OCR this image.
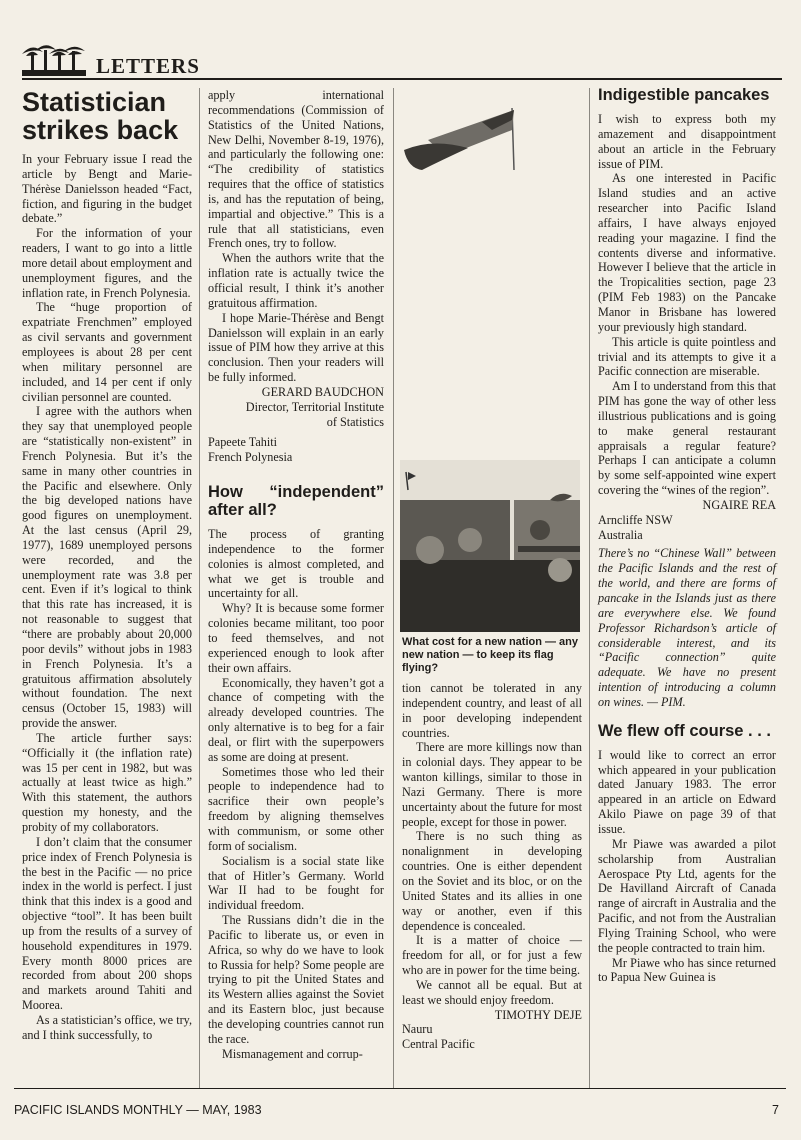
LETTERS
Statistician strikes back

In your February issue I read the article by Bengt and Marie-Thérèse Danielsson headed “Fact, fiction, and figuring in the budget debate.”

For the information of your readers, I want to go into a little more detail about employment and unemployment figures, and the inflation rate, in French Polynesia.

The “huge proportion of expatriate Frenchmen” employed as civil servants and government employees is about 28 per cent when military personnel are included, and 14 per cent if only civilian personnel are counted.

I agree with the authors when they say that unemployed people are “statistically non-existent” in French Polynesia. But it’s the same in many other countries in the Pacific and elsewhere. Only the big developed nations have good figures on unemployment. At the last census (April 29, 1977), 1689 unemployed persons were recorded, and the unemployment rate was 3.8 per cent. Even if it’s logical to think that this rate has increased, it is not reasonable to suggest that “there are probably about 20,000 poor devils” without jobs in 1983 in French Polynesia. It’s a gratuitous affirmation absolutely without foundation. The next census (October 15, 1983) will provide the answer.

The article further says: “Officially it (the inflation rate) was 15 per cent in 1982, but was actually at least twice as high.” With this statement, the authors question my honesty, and the probity of my collaborators.

I don’t claim that the consumer price index of French Polynesia is the best in the Pacific — no price index in the world is perfect. I just think that this index is a good and objective “tool”. It has been built up from the results of a survey of household expenditures in 1979. Every month 8000 prices are recorded from about 200 shops and markets around Tahiti and Moorea.

As a statistician’s office, we try, and I think successfully, to

apply international recommendations (Commission of Statistics of the United Nations, New Delhi, November 8-19, 1976), and particularly the following one: “The credibility of statistics requires that the office of statistics is, and has the reputation of being, impartial and objective.” This is a rule that all statisticians, even French ones, try to follow.

When the authors write that the inflation rate is actually twice the official result, I think it’s another gratuitous affirmation.

I hope Marie-Thérèse and Bengt Danielsson will explain in an early issue of PIM how they arrive at this conclusion. Then your readers will be fully informed.

GERARD BAUDCHON
Director, Territorial Institute
of Statistics
Papeete Tahiti
French Polynesia
How “independent” after all?

The process of granting independence to the former colonies is almost completed, and what we get is trouble and uncertainty for all.

Why? It is because some former colonies became militant, too poor to feed themselves, and not experienced enough to look after their own affairs.

Economically, they haven’t got a chance of competing with the already developed countries. The only alternative is to beg for a fair deal, or flirt with the superpowers as some are doing at present.

Sometimes those who led their people to independence had to sacrifice their own people’s freedom by aligning themselves with communism, or some other form of socialism.

Socialism is a social state like that of Hitler’s Germany. World War II had to be fought for individual freedom.

The Russians didn’t die in the Pacific to liberate us, or even in Africa, so why do we have to look to Russia for help? Some people are trying to pit the United States and its Western allies against the Soviet and its Eastern bloc, just because the developing countries cannot run the race.

Mismanagement and corrup-

What cost for a new nation — any new nation — to keep its flag flying?

tion cannot be tolerated in any independent country, and least of all in poor developing independent countries.

There are more killings now than in colonial days. They appear to be wanton killings, similar to those in Nazi Germany. There is more uncertainty about the future for most people, except for those in power.

There is no such thing as nonalignment in developing countries. One is either dependent on the Soviet and its bloc, or on the United States and its allies in one way or another, even if this dependence is concealed.

It is a matter of choice — freedom for all, or for just a few who are in power for the time being.

We cannot all be equal. But at least we should enjoy freedom.

TIMOTHY DEJE
Nauru
Central Pacific
Indigestible pancakes

I wish to express both my amazement and disappointment about an article in the February issue of PIM.

As one interested in Pacific Island studies and an active researcher into Pacific Island affairs, I have always enjoyed reading your magazine. I find the contents diverse and informative. However I believe that the article in the Tropicalities section, page 23 (PIM Feb 1983) on the Pancake Manor in Brisbane has lowered your previously high standard.

This article is quite pointless and trivial and its attempts to give it a Pacific connection are miserable.

Am I to understand from this that PIM has gone the way of other less illustrious publications and is going to make general restaurant appraisals a regular feature? Perhaps I can anticipate a column by some self-appointed wine expert covering the “wines of the region”.

NGAIRE REA
Arncliffe NSW
Australia

There’s no “Chinese Wall” between the Pacific Islands and the rest of the world, and there are forms of pancake in the Islands just as there are everywhere else. We found Professor Richardson’s article of considerable interest, and its “Pacific connection” quite adequate. We have no present intention of introducing a column on wines. — PIM.

We flew off course . . .

I would like to correct an error which appeared in your publication dated January 1983. The error appeared in an article on Edward Akilo Piawe on page 39 of that issue.

Mr Piawe was awarded a pilot scholarship from Australian Aerospace Pty Ltd, agents for the De Havilland Aircraft of Canada range of aircraft in Australia and the Pacific, and not from the Australian Flying Training School, who were the people contracted to train him.

Mr Piawe who has since returned to Papua New Guinea is

PACIFIC ISLANDS MONTHLY — MAY, 1983	7
